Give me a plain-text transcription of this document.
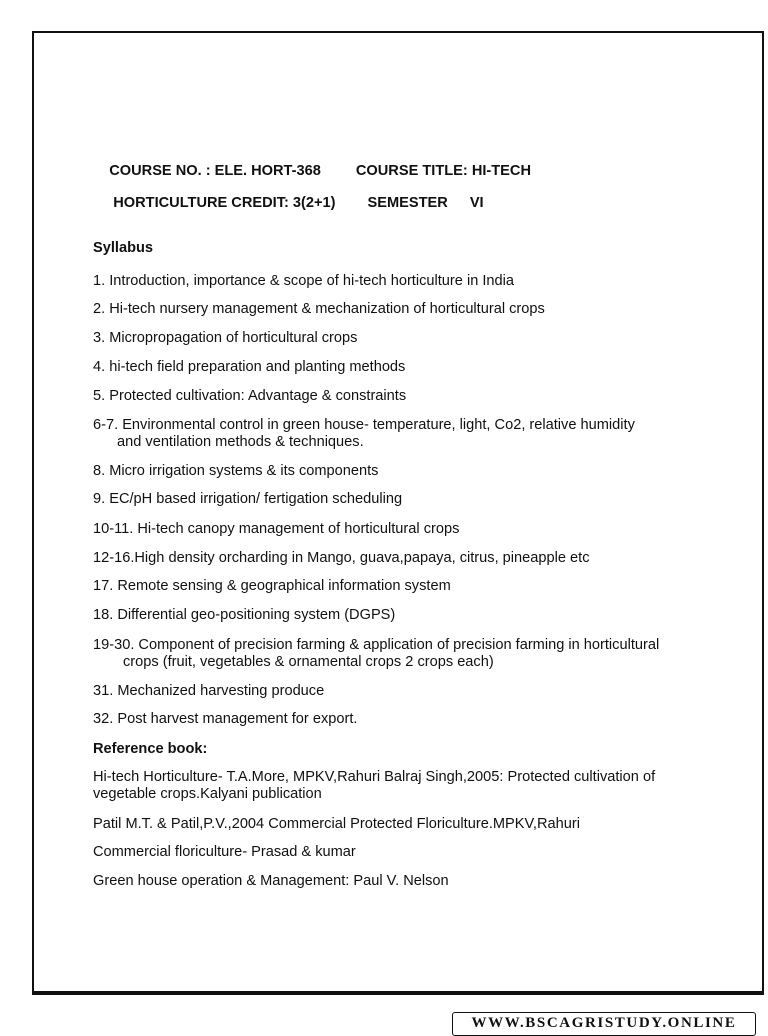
COURSE NO. : ELE. HORT-368 COURSE TITLE: HI-TECH

HORTICULTURE CREDIT: 3(2+1) SEMESTER VI

Syllabus
1. Introduction, importance & scope of hi-tech horticulture in India
2. Hi-tech nursery management & mechanization of horticultural crops
3. Micropropagation of horticultural crops
4. hi-tech field preparation and planting methods
5. Protected cultivation: Advantage & constraints
6-7. Environmental control in green house- temperature, light, Co2, relative humidity
and ventilation methods & techniques.
8. Micro irrigation systems & its components
9. EC/pH based irrigation/ fertigation scheduling
10-11. Hi-tech canopy management of horticultural crops
12-16.High density orcharding in Mango, guava,papaya, citrus, pineapple etc
17. Remote sensing & geographical information system
18. Differential geo-positioning system (DGPS)
19-30. Component of precision farming & application of precision farming in horticultural
crops (fruit, vegetables & ornamental crops 2 crops each)
31. Mechanized harvesting produce
32. Post harvest management for export.
Reference book:
Hi-tech Horticulture- T.A.More, MPKV,Rahuri Balraj Singh,2005: Protected cultivation of vegetable crops.Kalyani publication
Patil M.T. & Patil,P.V.,2004 Commercial Protected Floriculture.MPKV,Rahuri
Commercial floriculture- Prasad & kumar
Green house operation & Management: Paul V. Nelson
WWW.BSCAGRISTUDY.ONLINE
